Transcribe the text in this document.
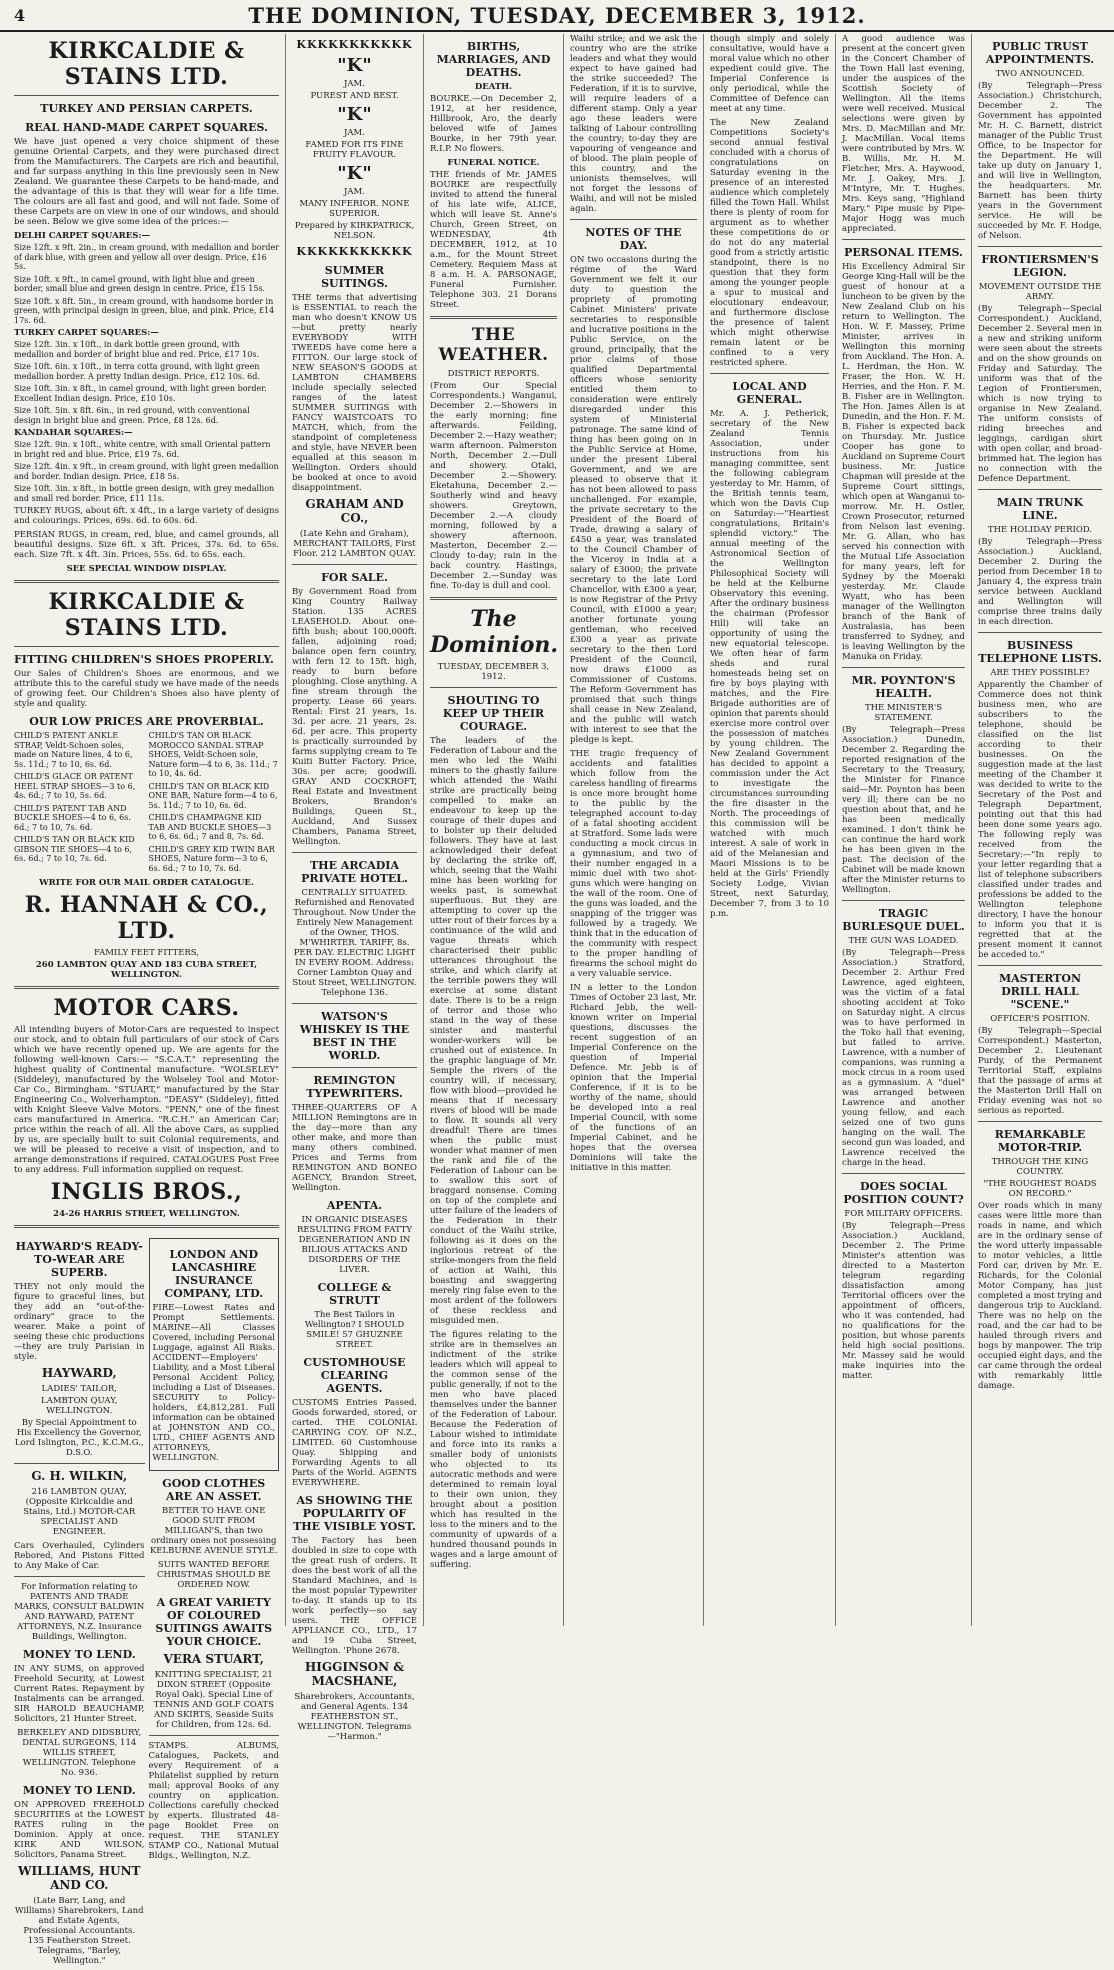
4	THE DOMINION, TUESDAY, DECEMBER 3, 1912.
KIRKCALDIE & STAINS LTD.
TURKEY AND PERSIAN CARPETS.
REAL HAND-MADE CARPET SQUARES.

We have just opened a very choice shipment of these genuine Oriental Carpets, and they were purchased direct from the Manufacturers. The Carpets are rich and beautiful, and far surpass anything in this line previously seen in New Zealand. We guarantee these Carpets to be hand-made, and the advantage of this is that they will wear for a life time. The colours are all fast and good, and will not fade. Some of these Carpets are on view in one of our windows, and should be seen. Below we give some idea of the prices:—

DELHI CARPET SQUARES:—
Size 12ft. x 9ft. 2in., in cream ground, with medallion and border of dark blue, with green and yellow all over design. Price, £16 5s.
Size 10ft. x 9ft., in camel ground, with light blue and green border, small blue and green design in centre. Price, £15 15s.
Size 10ft. x 8ft. 5in., in cream ground, with handsome border in green, with principal design in green, blue, and pink. Price, £14 17s. 6d.
TURKEY CARPET SQUARES:—
Size 12ft. 3in. x 10ft., in dark bottle green ground, with medallion and border of bright blue and red. Price, £17 10s.
Size 10ft. 6in. x 10ft., in terra cotta ground, with light green medallion border. A pretty Indian design. Price, £12 10s. 6d.
Size 10ft. 3in. x 8ft., in camel ground, with light green border. Excellent Indian design. Price, £10 10s.
Size 10ft. 5in. x 8ft. 6in., in red ground, with conventional design in bright blue and green. Price, £8 12s. 6d.
KANDAHAR SQUARES:—
Size 12ft. 9in. x 10ft., white centre, with small Oriental pattern in bright red and blue. Price, £19 7s. 6d.
Size 12ft. 4in. x 9ft., in cream ground, with light green medallion and border. Indian design. Price, £18 5s.
Size 10ft. 3in. x 8ft., in bottle green design, with grey medallion and small red border. Price, £11 11s.

TURKEY RUGS, about 6ft. x 4ft., in a large variety of designs and colourings. Prices, 69s. 6d. to 60s. 6d.

PERSIAN RUGS, in cream, red, blue, and camel grounds, all beautiful designs. Size 6ft. x 3ft. Prices, 37s. 6d. to 65s. each. Size 7ft. x 4ft. 3in. Prices, 55s. 6d. to 65s. each.

SEE SPECIAL WINDOW DISPLAY.
KIRKCALDIE & STAINS LTD.
FITTING CHILDREN'S SHOES PROPERLY.

Our Sales of Children's Shoes are enormous, and we attribute this to the careful study we have made of the needs of growing feet. Our Children's Shoes also have plenty of style and quality.

OUR LOW PRICES ARE PROVERBIAL.
CHILD'S PATENT ANKLE STRAP, Veldt-Schoen soles, made on Nature lines, 4 to 6, 5s. 11d.; 7 to 10, 6s. 6d.
CHILD'S GLACE OR PATENT HEEL STRAP SHOES—3 to 6, 4s. 6d.; 7 to 10, 5s. 6d.
CHILD'S PATENT TAB AND BUCKLE SHOES—4 to 6, 6s. 6d.; 7 to 10, 7s. 6d.
CHILD'S TAN OR BLACK KID GIBSON TIE SHOES—4 to 6, 6s. 6d.; 7 to 10, 7s. 6d.
CHILD'S TAN OR BLACK MOROCCO SANDAL STRAP SHOES, Veldt-Schoen sole, Nature form—4 to 6, 3s. 11d.; 7 to 10, 4s. 6d.
CHILD'S TAN OR BLACK KID ONE BAR, Nature form—4 to 6, 5s. 11d.; 7 to 10, 6s. 6d.
CHILD'S CHAMPAGNE KID TAB AND BUCKLE SHOES—3 to 6, 6s. 6d.; 7 and 8, 7s. 6d.
CHILD'S GREY KID TWIN BAR SHOES, Nature form—3 to 6, 6s. 6d.; 7 to 10, 7s. 6d.
WRITE FOR OUR MAIL ORDER CATALOGUE.
R. HANNAH & CO., LTD.
FAMILY FEET FITTERS,
260 LAMBTON QUAY AND 183 CUBA STREET, WELLINGTON.
MOTOR CARS.

All intending buyers of Motor-Cars are requested to inspect our stock, and to obtain full particulars of our stock of Cars which we have recently opened up. We are agents for the following well-known Cars:— "S.C.A.T." representing the highest quality of Continental manufacture. "WOLSELEY" (Siddeley), manufactured by the Wolseley Tool and Motor-Car Co., Birmingham. "STUART," manufactured by the Star Engineering Co., Wolverhampton. "DEASY" (Siddeley), fitted with Knight Sleeve Valve Motors. "PENN," one of the finest cars manufactured in America. "R.C.H." an American Car; price within the reach of all. All the above Cars, as supplied by us, are specially built to suit Colonial requirements, and we will be pleased to receive a visit of inspection, and to arrange demonstrations if required. CATALOGUES Post Free to any address. Full information supplied on request.

INGLIS BROS.,
24-26 HARRIS STREET, WELLINGTON.
HAYWARD'S READY-TO-WEAR ARE SUPERB.

THEY not only mould the figure to graceful lines, but they add an "out-of-the-ordinary" grace to the wearer. Make a point of seeing these chic productions—they are truly Parisian in style.

HAYWARD,
LADIES' TAILOR,
LAMBTON QUAY, WELLINGTON.

By Special Appointment to His Excellency the Governor, Lord Islington, P.C., K.C.M.G., D.S.O.

G. H. WILKIN,

216 LAMBTON QUAY, (Opposite Kirkcaldie and Stains, Ltd.) MOTOR-CAR SPECIALIST AND ENGINEER.

Cars Overhauled, Cylinders Rebored, And Pistons Fitted to Any Make of Car.

For Information relating to PATENTS AND TRADE MARKS, CONSULT BALDWIN AND RAYWARD, PATENT ATTORNEYS, N.Z. Insurance Buildings, Wellington.

MONEY TO LEND.

IN ANY SUMS, on approved Freehold Security, at Lowest Current Rates. Repayment by Instalments can be arranged. SIR HAROLD BEAUCHAMP, Solicitors, 21 Hunter Street.

BERKELEY AND DIDSBURY, DENTAL SURGEONS, 114 WILLIS STREET, WELLINGTON. Telephone No. 936.

MONEY TO LEND.

ON APPROVED FREEHOLD SECURITIES at the LOWEST RATES ruling in the Dominion. Apply at once. KIRK AND WILSON, Solicitors, Panama Street.

WILLIAMS, HUNT AND CO.

(Late Barr, Lang, and Williams) Sharebrokers, Land and Estate Agents, Professional Accountants. 135 Featherston Street. Telegrams, "Barley, Wellington."

LONDON AND LANCASHIRE INSURANCE COMPANY, LTD.

FIRE—Lowest Rates and Prompt Settlements. MARINE—All Classes Covered, including Personal Luggage, against All Risks. ACCIDENT—Employers' Liability, and a Most Liberal Personal Accident Policy, including a List of Diseases. SECURITY to Policy-holders, £4,812,281. Full information can be obtained at JOHNSTON AND CO., LTD., CHIEF AGENTS AND ATTORNEYS, WELLINGTON.

GOOD CLOTHES ARE AN ASSET.

BETTER TO HAVE ONE GOOD SUIT FROM MILLIGAN'S, than two ordinary ones not possessing KELBURNE AVENUE STYLE.

SUITS WANTED BEFORE CHRISTMAS SHOULD BE ORDERED NOW.

A GREAT VARIETY OF COLOURED SUITINGS AWAITS YOUR CHOICE.
VERA STUART,

KNITTING SPECIALIST, 21 DIXON STREET (Opposite Royal Oak). Special Line of TENNIS AND GOLF COATS AND SKIRTS, Seaside Suits for Children, from 12s. 6d.

STAMPS. ALBUMS, Catalogues, Packets, and every Requirement of a Philatelist supplied by return mail; approval Books of any country on application. Collections carefully checked by experts. Illustrated 48-page Booklet Free on request. THE STANLEY STAMP CO., National Mutual Bldgs., Wellington, N.Z.

KKKKKKKKKKK
"K"
JAM.
PUREST AND BEST.
"K"
JAM.
FAMED FOR ITS FINE FRUITY FLAVOUR.
"K"
JAM.
MANY INFERIOR. NONE SUPERIOR.
Prepared by KIRKPATRICK, NELSON.
KKKKKKKKKKK
SUMMER SUITINGS.

THE terms that advertising is ESSENTIAL to reach the man who doesn't KNOW US—but pretty nearly EVERYBODY WITH TWEEDS have come here a FITTON. Our large stock of NEW SEASON'S GOODS at LAMBTON CHAMBERS include specially selected ranges of the latest SUMMER SUITINGS with FANCY WAISTCOATS TO MATCH, which, from the standpoint of completeness and style, have NEVER been equalled at this season in Wellington. Orders should be booked at once to avoid disappointment.

GRAHAM AND CO.,

(Late Kehn and Graham), MERCHANT TAILORS, First Floor. 212 LAMBTON QUAY.

FOR SALE.

By Government Road from King Country Railway Station. 135 ACRES LEASEHOLD. About one-fifth bush; about 100,000ft. fallen, adjoining road; balance open fern country, with fern 12 to 15ft. high, ready to burn before ploughing. Close anything. A fine stream through the property. Lease 66 years. Rental: First 21 years, 1s. 3d. per acre. 21 years, 2s. 6d. per acre. This property is practically surrounded by farms supplying cream to Te Kuiti Butter Factory. Price, 30s. per acre; goodwill. GRAY AND COCKROFT, Real Estate and Investment Brokers, Brandon's Buildings, Queen St., Auckland, And Sussex Chambers, Panama Street, Wellington.

THE ARCADIA PRIVATE HOTEL.

CENTRALLY SITUATED. Refurnished and Renovated Throughout. Now Under the Entirely New Management of the Owner, THOS. M'WHIRTER. TARIFF, 8s. PER DAY. ELECTRIC LIGHT IN EVERY ROOM. Address: Corner Lambton Quay and Stout Street, WELLINGTON. Telephone 136.

WATSON'S WHISKEY IS THE BEST IN THE WORLD.
REMINGTON TYPEWRITERS.

THREE-QUARTERS OF A MILLION Remingtons are in the day—more than any other make, and more than many others combined. Prices and Terms from REMINGTON AND BONEO AGENCY, Brandon Street, Wellington.

APENTA.

IN ORGANIC DISEASES RESULTING FROM FATTY DEGENERATION AND IN BILIOUS ATTACKS AND DISORDERS OF THE LIVER.

COLLEGE & STRUTT

The Best Tailors in Wellington? I SHOULD SMILE! 57 GHUZNEE STREET.

CUSTOMHOUSE CLEARING AGENTS.

CUSTOMS Entries Passed. Goods forwarded, stored, or carted. THE COLONIAL CARRYING COY. OF N.Z., LIMITED. 60 Customhouse Quay. Shipping and Forwarding Agents to all Parts of the World. AGENTS EVERYWHERE.

AS SHOWING THE POPULARITY OF THE VISIBLE YOST.

The Factory has been doubled in size to cope with the great rush of orders. It does the best work of all the Standard Machines, and is the most popular Typewriter to-day. It stands up to its work perfectly—so say users. THE OFFICE APPLIANCE CO., LTD., 17 and 19 Cuba Street, Wellington. 'Phone 2678.

HIGGINSON & MACSHANE,

Sharebrokers, Accountants, and General Agents. 134 FEATHERSTON ST., WELLINGTON. Telegrams—"Harmon."

BIRTHS, MARRIAGES, AND DEATHS.
DEATH.

BOURKE.—On December 2, 1912, at her residence, Hillbrook, Aro, the dearly beloved wife of James Bourke, in her 79th year. R.I.P. No flowers.

FUNERAL NOTICE.

THE friends of Mr. JAMES BOURKE are respectfully invited to attend the funeral of his late wife, ALICE, which will leave St. Anne's Church, Green Street, on WEDNESDAY, 4th DECEMBER, 1912, at 10 a.m., for the Mount Street Cemetery. Requiem Mass at 8 a.m. H. A. PARSONAGE, Funeral Furnisher. Telephone 303. 21 Dorans Street.

THE WEATHER.
DISTRICT REPORTS.

(From Our Special Correspondents.) Wanganui, December 2.—Showers in the early morning; fine afterwards. Feilding, December 2.—Hazy weather; warm afternoon. Palmerston North, December 2.—Dull and showery. Otaki, December 2.—Showery. Eketahuna, December 2.—Southerly wind and heavy showers. Greytown, December 2.—A cloudy morning, followed by a showery afternoon. Masterton, December 2.—Cloudy to-day; rain in the back country. Hastings, December 2.—Sunday was fine. To-day is dull and cool.

The Dominion.
TUESDAY, DECEMBER 3, 1912.
SHOUTING TO KEEP UP THEIR COURAGE.

The leaders of the Federation of Labour and the men who led the Waihi miners to the ghastly failure which attended the Waihi strike are practically being compelled to make an endeavour to keep up the courage of their dupes and to bolster up their deluded followers. They have at last acknowledged their defeat by declaring the strike off, which, seeing that the Waihi mine has been working for weeks past, is somewhat superfluous. But they are attempting to cover up the utter rout of their forces by a continuance of the wild and vague threats which characterised their public utterances throughout the strike, and which clarify at the terrible powers they will exercise at some distant date. There is to be a reign of terror and those who stand in the way of these sinister and masterful wonder-workers will be crushed out of existence. In the graphic language of Mr. Semple the rivers of the country will, if necessary, flow with blood—provided he means that if necessary rivers of blood will be made to flow. It sounds all very dreadful! There are times when the public must wonder what manner of men the rank and file of the Federation of Labour can be to swallow this sort of braggard nonsense. Coming on top of the complete and utter failure of the leaders of the Federation in their conduct of the Waihi strike, following as it does on the inglorious retreat of the strike-mongers from the field of action at Waihi, this boasting and swaggering merely ring false even to the most ardent of the followers of these reckless and misguided men.

The figures relating to the strike are in themselves an indictment of the strike leaders which will appeal to the common sense of the public generally, if not to the men who have placed themselves under the banner of the Federation of Labour. Because the Federation of Labour wished to intimidate and force into its ranks a smaller body of unionists who objected to its autocratic methods and were determined to remain loyal to their own union, they brought about a position which has resulted in the loss to the miners and to the community of upwards of a hundred thousand pounds in wages and a large amount of suffering.

Waihi strike; and we ask the country who are the strike leaders and what they would expect to have gained had the strike succeeded? The Federation, if it is to survive, will require leaders of a different stamp. Only a year ago these leaders were talking of Labour controlling the country; to-day they are vapouring of vengeance and of blood. The plain people of this country, and the unionists themselves, will not forget the lessons of Waihi, and will not be misled again.

NOTES OF THE DAY.

ON two occasions during the régime of the Ward Government we felt it our duty to question the propriety of promoting Cabinet Ministers' private secretaries to responsible and lucrative positions in the Public Service, on the ground, principally, that the prior claims of those qualified Departmental officers whose seniority entitled them to consideration were entirely disregarded under this system of Ministerial patronage. The same kind of thing has been going on in the Public Service at Home, under the present Liberal Government, and we are pleased to observe that it has not been allowed to pass unchallenged. For example, the private secretary to the President of the Board of Trade, drawing a salary of £450 a year, was translated to the Council Chamber of the Viceroy in India at a salary of £3000; the private secretary to the late Lord Chancellor, with £300 a year, is now Registrar of the Privy Council, with £1000 a year; another fortunate young gentleman, who received £300 a year as private secretary to the then Lord President of the Council, now draws £1000 as Commissioner of Customs. The Reform Government has promised that such things shall cease in New Zealand, and the public will watch with interest to see that the pledge is kept.

THE tragic frequency of accidents and fatalities which follow from the careless handling of firearms is once more brought home to the public by the telegraphed account to-day of a fatal shooting accident at Stratford. Some lads were conducting a mock circus in a gymnasium, and two of their number engaged in a mimic duel with two shot-guns which were hanging on the wall of the room. One of the guns was loaded, and the snapping of the trigger was followed by a tragedy. We think that in the education of the community with respect to the proper handling of firearms the school might do a very valuable service.

IN a letter to the London Times of October 23 last, Mr. Richard Jebb, the well-known writer on Imperial questions, discusses the recent suggestion of an Imperial Conference on the question of Imperial Defence. Mr. Jebb is of opinion that the Imperial Conference, if it is to be worthy of the name, should be developed into a real Imperial Council, with some of the functions of an Imperial Cabinet, and he hopes that the oversea Dominions will take the initiative in this matter.

though simply and solely consultative, would have a moral value which no other expedient could give. The Imperial Conference is only periodical, while the Committee of Defence can meet at any time.

The New Zealand Competitions Society's second annual festival concluded with a chorus of congratulations on Saturday evening in the presence of an interested audience which completely filled the Town Hall. Whilst there is plenty of room for argument as to whether these competitions do or do not do any material good from a strictly artistic standpoint, there is no question that they form among the younger people a spur to musical and elocutionary endeavour, and furthermore disclose the presence of talent which might otherwise remain latent or be confined to a very restricted sphere.

LOCAL AND GENERAL.

Mr. A. J. Petherick, secretary of the New Zealand Tennis Association, under instructions from his managing committee, sent the following cablegram yesterday to Mr. Hamm, of the British tennis team, which won the Davis Cup on Saturday:—"Heartiest congratulations, Britain's splendid victory." The annual meeting of the Astronomical Section of the Wellington Philosophical Society will be held at the Kelburne Observatory this evening. After the ordinary business the chairman (Professor Hill) will take an opportunity of using the new equatorial telescope. We often hear of farm sheds and rural homesteads being set on fire by boys playing with matches, and the Fire Brigade authorities are of opinion that parents should exercise more control over the possession of matches by young children. The New Zealand Government has decided to appoint a commission under the Act to investigate the circumstances surrounding the fire disaster in the North. The proceedings of this commission will be watched with much interest. A sale of work in aid of the Melanesian and Maori Missions is to be held at the Girls' Friendly Society Lodge, Vivian Street, next Saturday, December 7, from 3 to 10 p.m.

A good audience was present at the concert given in the Concert Chamber of the Town Hall last evening, under the auspices of the Scottish Society of Wellington. All the items were well received. Musical selections were given by Mrs. D. MacMillan and Mr. J. MacMillan. Vocal items were contributed by Mrs. W. B. Willis, Mr. H. M. Fletcher, Mrs. A. Haywood, Mr. J. Oakey, Mrs. J. M'Intyre, Mr. T. Hughes. Mrs. Keys sang, "Highland Mary." Pipe music by Pipe-Major Hogg was much appreciated.

PERSONAL ITEMS.

His Excellency Admiral Sir George King-Hall will be the guest of honour at a luncheon to be given by the New Zealand Club on his return to Wellington. The Hon. W. F. Massey, Prime Minister, arrives in Wellington this morning from Auckland. The Hon. A. L. Herdman, the Hon. W. Fraser, the Hon. W. H. Herries, and the Hon. F. M. B. Fisher are in Wellington. The Hon. James Allen is at Dunedin, and the Hon. F. M. B. Fisher is expected back on Thursday. Mr. Justice Cooper has gone to Auckland on Supreme Court business. Mr. Justice Chapman will preside at the Supreme Court sittings, which open at Wanganui to-morrow. Mr. H. Ostler, Crown Prosecutor, returned from Nelson last evening. Mr. G. Allan, who has served his connection with the Mutual Life Association for many years, left for Sydney by the Moeraki yesterday. Mr. Claude Wyatt, who has been manager of the Wellington branch of the Bank of Australasia, has been transferred to Sydney, and is leaving Wellington by the Manuka on Friday.

MR. POYNTON'S HEALTH.
THE MINISTER'S STATEMENT.

(By Telegraph—Press Association.) Dunedin, December 2. Regarding the reported resignation of the Secretary to the Treasury, the Minister for Finance said—Mr. Poynton has been very ill; there can be no question about that, and he has been medically examined. I don't think he can continue the hard work he has been given in the past. The decision of the Cabinet will be made known after the Minister returns to Wellington.

TRAGIC BURLESQUE DUEL.
THE GUN WAS LOADED.

(By Telegraph—Press Association.) Stratford, December 2. Arthur Fred Lawrence, aged eighteen, was the victim of a fatal shooting accident at Toko on Saturday night. A circus was to have performed in the Toko hall that evening, but failed to arrive. Lawrence, with a number of companions, was running a mock circus in a room used as a gymnasium. A "duel" was arranged between Lawrence and another young fellow, and each seized one of two guns hanging on the wall. The second gun was loaded, and Lawrence received the charge in the head.

DOES SOCIAL POSITION COUNT?
FOR MILITARY OFFICERS.

(By Telegraph—Press Association.) Auckland, December 2. The Prime Minister's attention was directed to a Masterton telegram regarding dissatisfaction among Territorial officers over the appointment of officers, who it was contended, had no qualifications for the position, but whose parents held high social positions. Mr. Massey said he would make inquiries into the matter.

PUBLIC TRUST APPOINTMENTS.
TWO ANNOUNCED.

(By Telegraph—Press Association.) Christchurch, December 2. The Government has appointed Mr. H. C. Barnett, district manager of the Public Trust Office, to be Inspector for the Department. He will take up duty on January 1, and will live in Wellington, the headquarters. Mr. Barnett has been thirty years in the Government service. He will be succeeded by Mr. F. Hodge, of Nelson.

FRONTIERSMEN'S LEGION.
MOVEMENT OUTSIDE THE ARMY.

(By Telegraph—Special Correspondent.) Auckland, December 2. Several men in a new and striking uniform were seen about the streets and on the show grounds on Friday and Saturday. The uniform was that of the Legion of Frontiersmen, which is now trying to organise in New Zealand. The uniform consists of riding breeches and leggings, cardigan shirt with open collar, and broad-brimmed hat. The legion has no connection with the Defence Department.

MAIN TRUNK LINE.
THE HOLIDAY PERIOD.

(By Telegraph—Press Association.) Auckland, December 2. During the period from December 18 to January 4, the express train service between Auckland and Wellington will comprise three trains daily in each direction.

BUSINESS TELEPHONE LISTS.
ARE THEY POSSIBLE?

Apparently the Chamber of Commerce does not think business men, who are subscribers to the telephone, should be classified on the list according to their businesses. On the suggestion made at the last meeting of the Chamber it was decided to write to the Secretary of the Post and Telegraph Department, pointing out that this had been done some years ago. The following reply was received from the Secretary:—"In reply to your letter regarding that a list of telephone subscribers classified under trades and professions be added to the Wellington telephone directory, I have the honour to inform you that it is regretted that at the present moment it cannot be acceded to."

MASTERTON DRILL HALL "SCENE."
OFFICER'S POSITION.

(By Telegraph—Special Correspondent.) Masterton, December 2. Lieutenant Purdy, of the Permanent Territorial Staff, explains that the passage of arms at the Masterton Drill Hall on Friday evening was not so serious as reported.

REMARKABLE MOTOR-TRIP.
THROUGH THE KING COUNTRY.
"THE ROUGHEST ROADS ON RECORD."

Over roads which in many cases were little more than roads in name, and which are in the ordinary sense of the word utterly impassable to motor vehicles, a little Ford car, driven by Mr. E. Richards, for the Colonial Motor Company, has just completed a most trying and dangerous trip to Auckland. There was no help on the road, and the car had to be hauled through rivers and bogs by manpower. The trip occupied eight days, and the car came through the ordeal with remarkably little damage.
